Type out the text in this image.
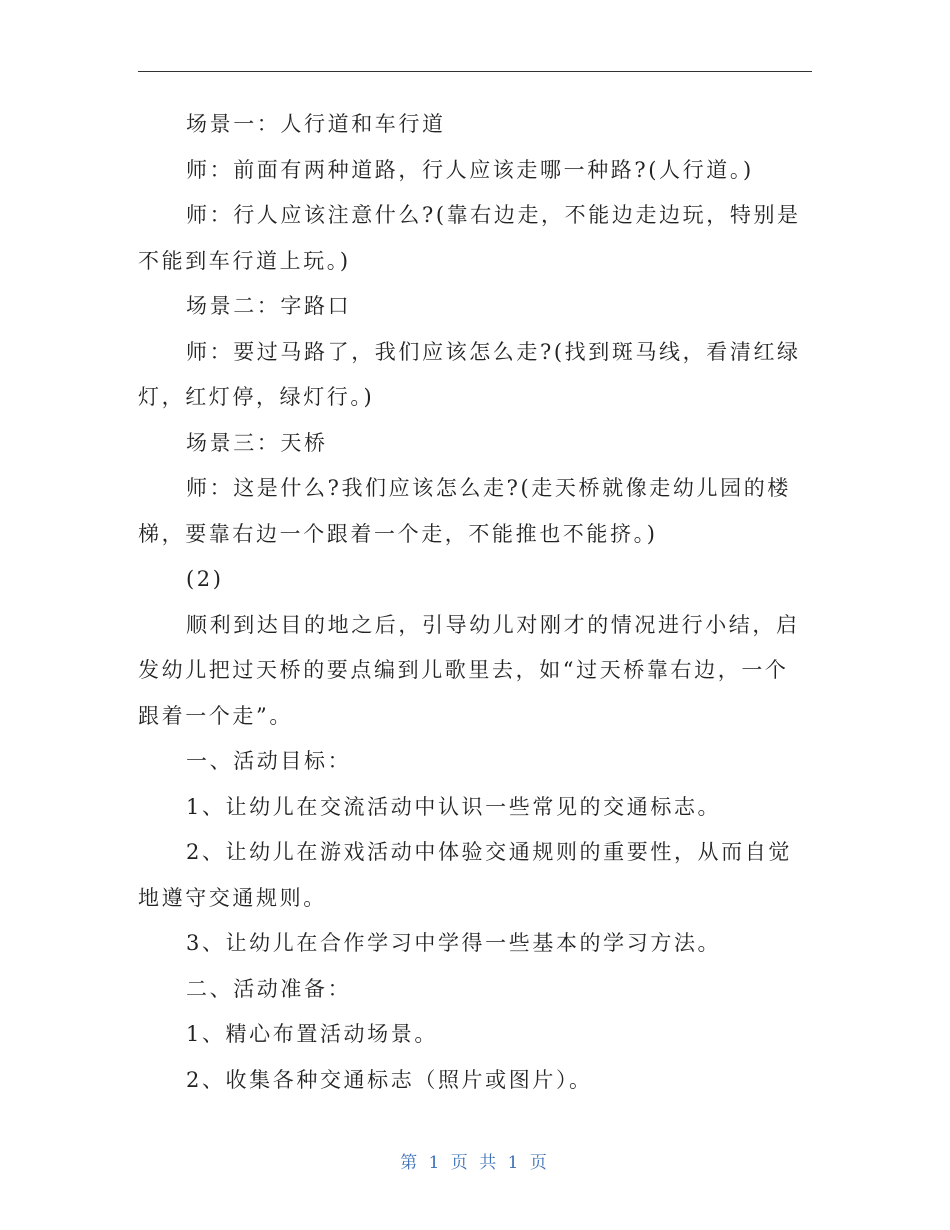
场景一：人行道和车行道

师：前面有两种道路，行人应该走哪一种路?(人行道。)

师：行人应该注意什么?(靠右边走，不能边走边玩，特别是不能到车行道上玩。)

场景二：字路口

师：要过马路了，我们应该怎么走?(找到斑马线，看清红绿灯，红灯停，绿灯行。)

场景三：天桥

师：这是什么?我们应该怎么走?(走天桥就像走幼儿园的楼梯，要靠右边一个跟着一个走，不能推也不能挤。)

(2)

顺利到达目的地之后，引导幼儿对刚才的情况进行小结，启发幼儿把过天桥的要点编到儿歌里去，如“过天桥靠右边，一个跟着一个走”。

一、活动目标：

1、让幼儿在交流活动中认识一些常见的交通标志。

2、让幼儿在游戏活动中体验交通规则的重要性，从而自觉地遵守交通规则。

3、让幼儿在合作学习中学得一些基本的学习方法。

二、活动准备：

1、精心布置活动场景。

2、收集各种交通标志（照片或图片）。

第 1 页 共 1 页
